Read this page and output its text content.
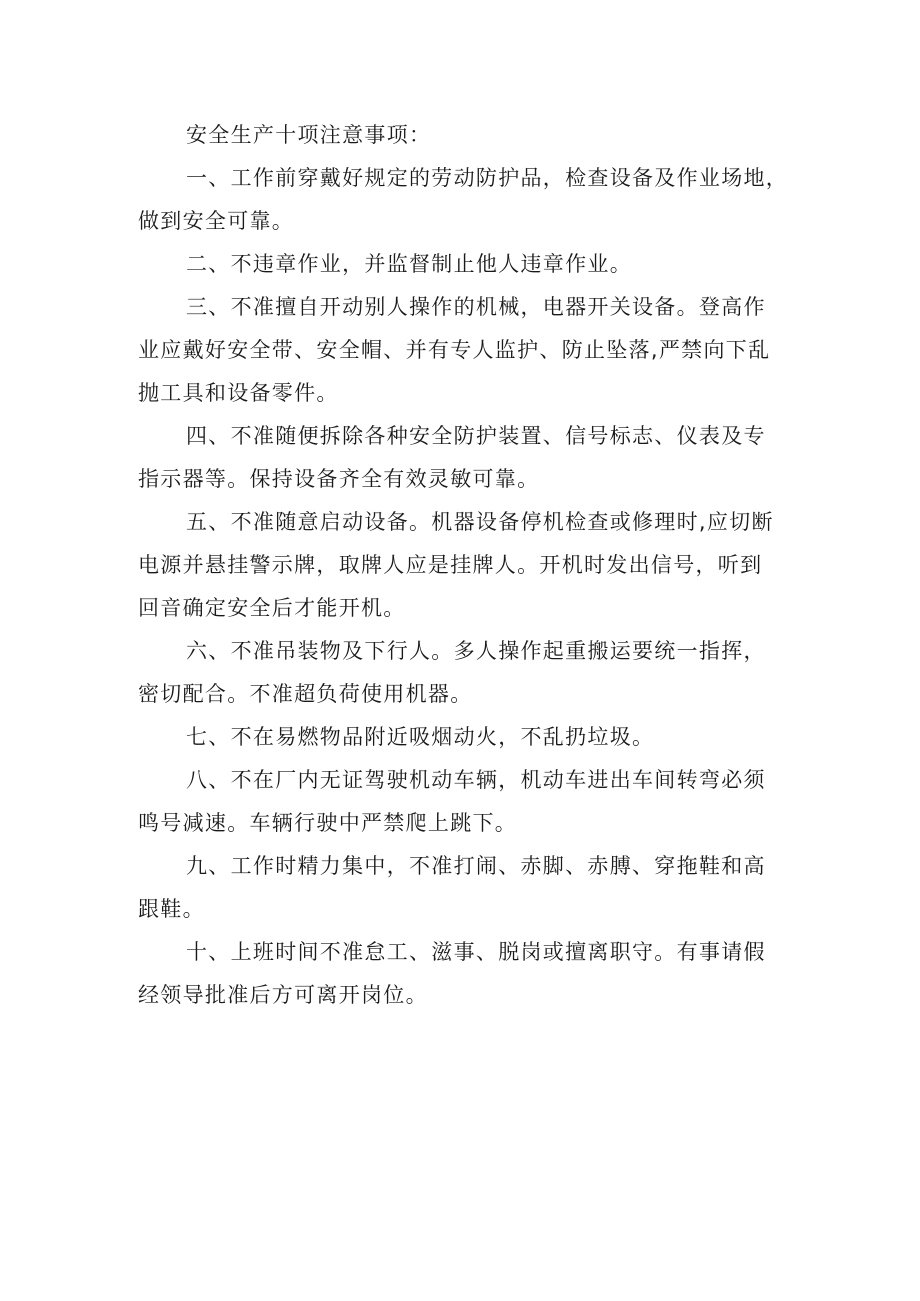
安全生产十项注意事项：

一、工作前穿戴好规定的劳动防护品，检查设备及作业场地，
做到安全可靠。

二、不违章作业，并监督制止他人违章作业。

三、不准擅自开动别人操作的机械，电器开关设备。登高作
业应戴好安全带、安全帽、并有专人监护、防止坠落,严禁向下乱
抛工具和设备零件。

四、不准随便拆除各种安全防护装置、信号标志、仪表及专
指示器等。保持设备齐全有效灵敏可靠。

五、不准随意启动设备。机器设备停机检查或修理时,应切断
电源并悬挂警示牌，取牌人应是挂牌人。开机时发出信号，听到
回音确定安全后才能开机。

六、不准吊装物及下行人。多人操作起重搬运要统一指挥，
密切配合。不准超负荷使用机器。

七、不在易燃物品附近吸烟动火，不乱扔垃圾。

八、不在厂内无证驾驶机动车辆，机动车进出车间转弯必须
鸣号减速。车辆行驶中严禁爬上跳下。

九、工作时精力集中，不准打闹、赤脚、赤膊、穿拖鞋和高
跟鞋。

十、上班时间不准怠工、滋事、脱岗或擅离职守。有事请假
经领导批准后方可离开岗位。
